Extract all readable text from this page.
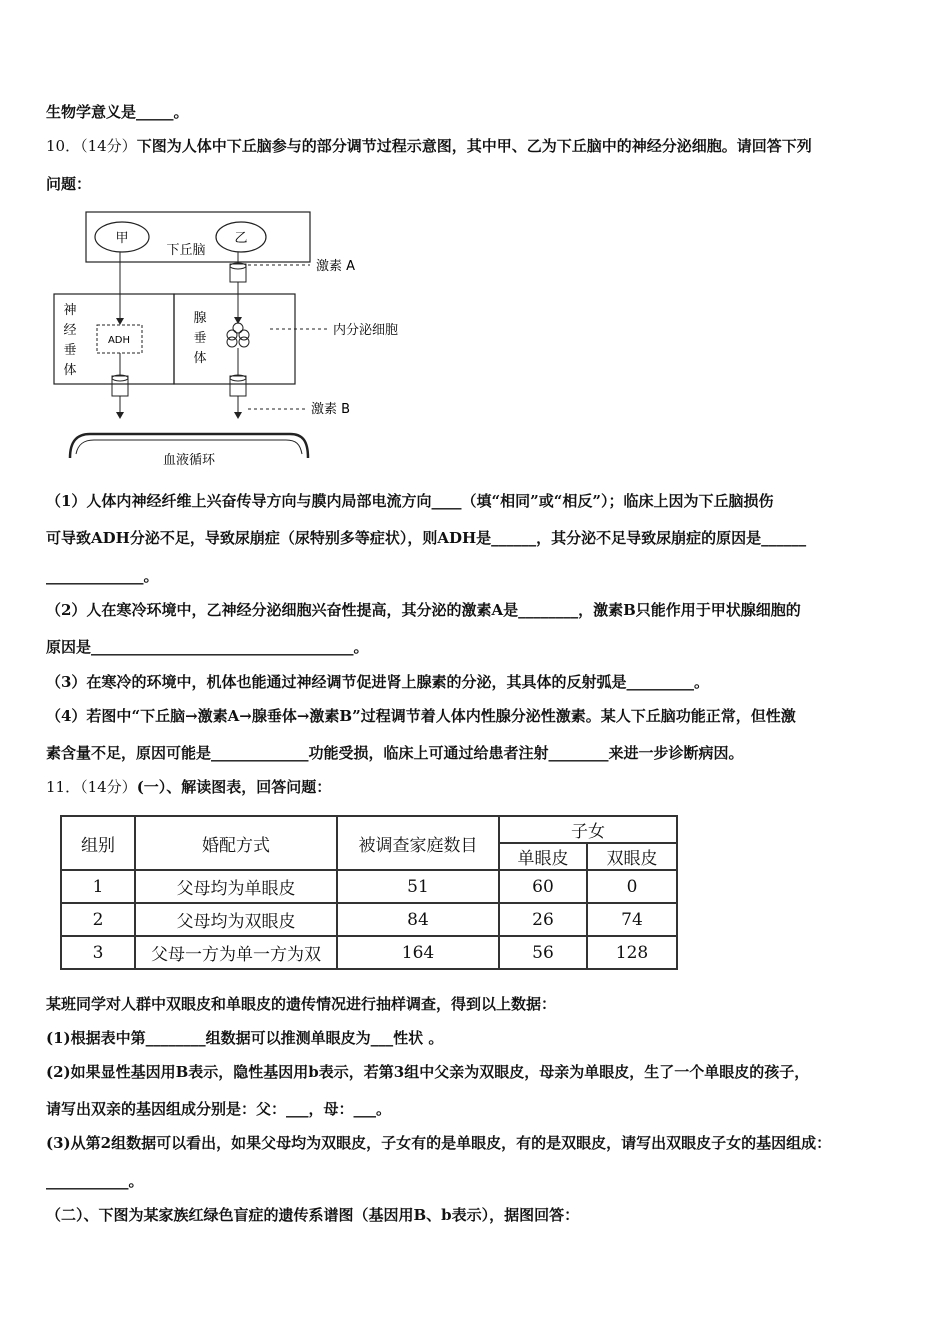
生物学意义是_____。
10．（14分）下图为人体中下丘脑参与的部分调节过程示意图，其中甲、乙为下丘脑中的神经分泌细胞。请回答下列
问题：
甲	乙
下丘脑
激素 A
神
经
垂
体
ADH
腺
垂
体
内分泌细胞
激素 B
血液循环
（1）人体内神经纤维上兴奋传导方向与膜内局部电流方向____（填“相同”或“相反”）；临床上因为下丘脑损伤
可导致ADH分泌不足，导致尿崩症（尿特别多等症状），则ADH是______，其分泌不足导致尿崩症的原因是______
_____________。
（2）人在寒冷环境中，乙神经分泌细胞兴奋性提高，其分泌的激素A是________，激素B只能作用于甲状腺细胞的
原因是___________________________________。
（3）在寒冷的环境中，机体也能通过神经调节促进肾上腺素的分泌，其具体的反射弧是_________。
（4）若图中“下丘脑→激素A→腺垂体→激素B”过程调节着人体内性腺分泌性激素。某人下丘脑功能正常，但性激
素含量不足，原因可能是_____________功能受损，临床上可通过给患者注射________来进一步诊断病因。
11．（14分）(一）、解读图表，回答问题：
组别	婚配方式	被调查家庭数目	子女	
			单眼皮	双眼皮
1	父母均为单眼皮	51	60	0
2	父母均为双眼皮	84	26	74
3	父母一方为单一方为双	164	56	128
某班同学对人群中双眼皮和单眼皮的遗传情况进行抽样调查，得到以上数据：
(1)根据表中第________组数据可以推测单眼皮为___性状 。
(2)如果显性基因用B表示，隐性基因用b表示，若第3组中父亲为双眼皮，母亲为单眼皮，生了一个单眼皮的孩子，
请写出双亲的基因组成分别是：父：___，母：___。
(3)从第2组数据可以看出，如果父母均为双眼皮，子女有的是单眼皮，有的是双眼皮，请写出双眼皮子女的基因组成：
___________。
（二）、下图为某家族红绿色盲症的遗传系谱图（基因用B、b表示），据图回答：
